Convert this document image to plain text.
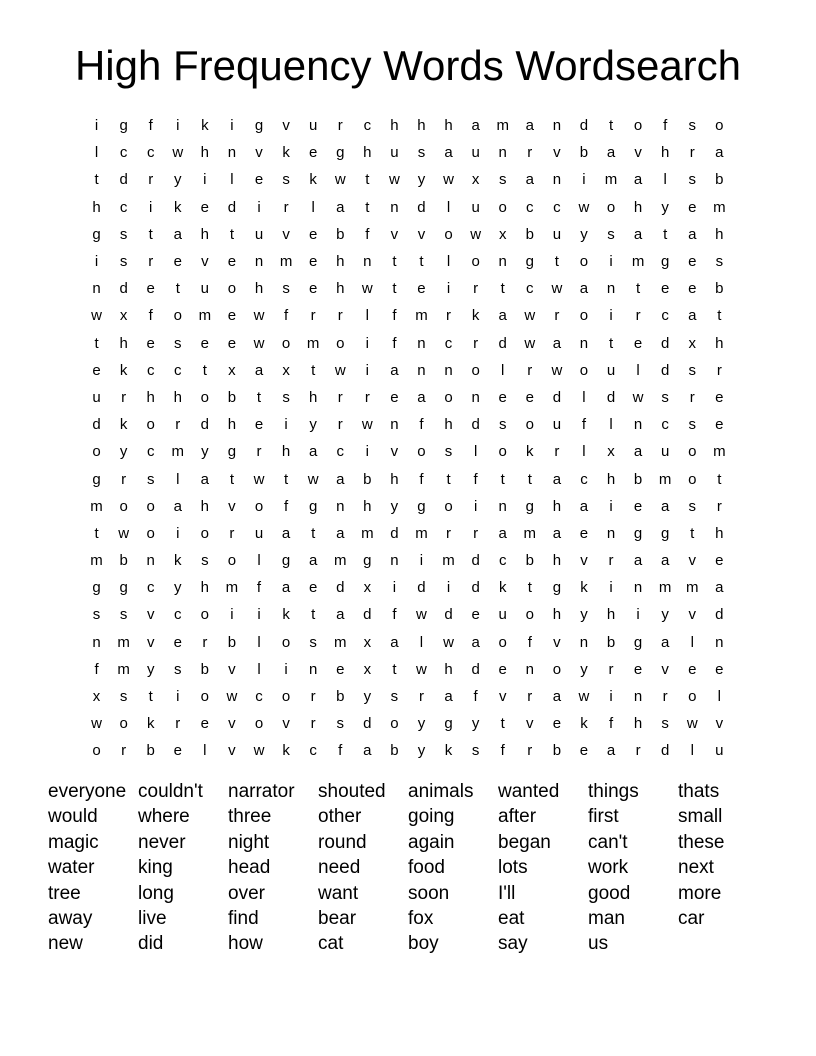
High Frequency Words Wordsearch
i	g	f	i	k	i	g	v	u	r	c	h	h	h	a	m	a	n	d	t	o	f	s	o
l	c	c	w	h	n	v	k	e	g	h	u	s	a	u	n	r	v	b	a	v	h	r	a
t	d	r	y	i	l	e	s	k	w	t	w	y	w	x	s	a	n	i	m	a	l	s	b
h	c	i	k	e	d	i	r	l	a	t	n	d	l	u	o	c	c	w	o	h	y	e	m
g	s	t	a	h	t	u	v	e	b	f	v	v	o	w	x	b	u	y	s	a	t	a	h
i	s	r	e	v	e	n	m	e	h	n	t	t	l	o	n	g	t	o	i	m	g	e	s
n	d	e	t	u	o	h	s	e	h	w	t	e	i	r	t	c	w	a	n	t	e	e	b
w	x	f	o	m	e	w	f	r	r	l	f	m	r	k	a	w	r	o	i	r	c	a	t
t	h	e	s	e	e	w	o	m	o	i	f	n	c	r	d	w	a	n	t	e	d	x	h
e	k	c	c	t	x	a	x	t	w	i	a	n	n	o	l	r	w	o	u	l	d	s	r
u	r	h	h	o	b	t	s	h	r	r	e	a	o	n	e	e	d	l	d	w	s	r	e
d	k	o	r	d	h	e	i	y	r	w	n	f	h	d	s	o	u	f	l	n	c	s	e
o	y	c	m	y	g	r	h	a	c	i	v	o	s	l	o	k	r	l	x	a	u	o	m
g	r	s	l	a	t	w	t	w	a	b	h	f	t	f	t	t	a	c	h	b	m	o	t
m	o	o	a	h	v	o	f	g	n	h	y	g	o	i	n	g	h	a	i	e	a	s	r
t	w	o	i	o	r	u	a	t	a	m	d	m	r	r	a	m	a	e	n	g	g	t	h
m	b	n	k	s	o	l	g	a	m	g	n	i	m	d	c	b	h	v	r	a	a	v	e
g	g	c	y	h	m	f	a	e	d	x	i	d	i	d	k	t	g	k	i	n	m m	a
s	s	v	c	o	i	i	k	t	a	d	f	w	d	e	u	o	h	y	h	i	y	v	d
n	m	v	e	r	b	l	o	s	m	x	a	l	w	a	o	f	v	n	b	g	a	l	n
f	m	y	s	b	v	l	i	n	e	x	t	w	h	d	e	n	o	y	r	e	v	e	e
x	s	t	i	o	w	c	o	r	b	y	s	r	a	f	v	r	a	w	i	n	r	o	l
w	o	k	r	e	v	o	v	r	s	d	o	y	g	y	t	v	e	k	f	h	s	w	v
o	r	b	e	l	v	w	k	c	f	a	b	y	k	s	f	r	b	e	a	r	d	l	u
everyone couldn't	narrator	shouted	animals	wanted	things	thats
would	where	three	other	going	after	first	small
magic	never	night	round	again	began	can't	these
water	king	head	need	food	lots	work	next
tree	long	over	want	soon	I'll	good	more
away	live	find	bear	fox	eat	man	car
new	did	how	cat	boy	say	us
